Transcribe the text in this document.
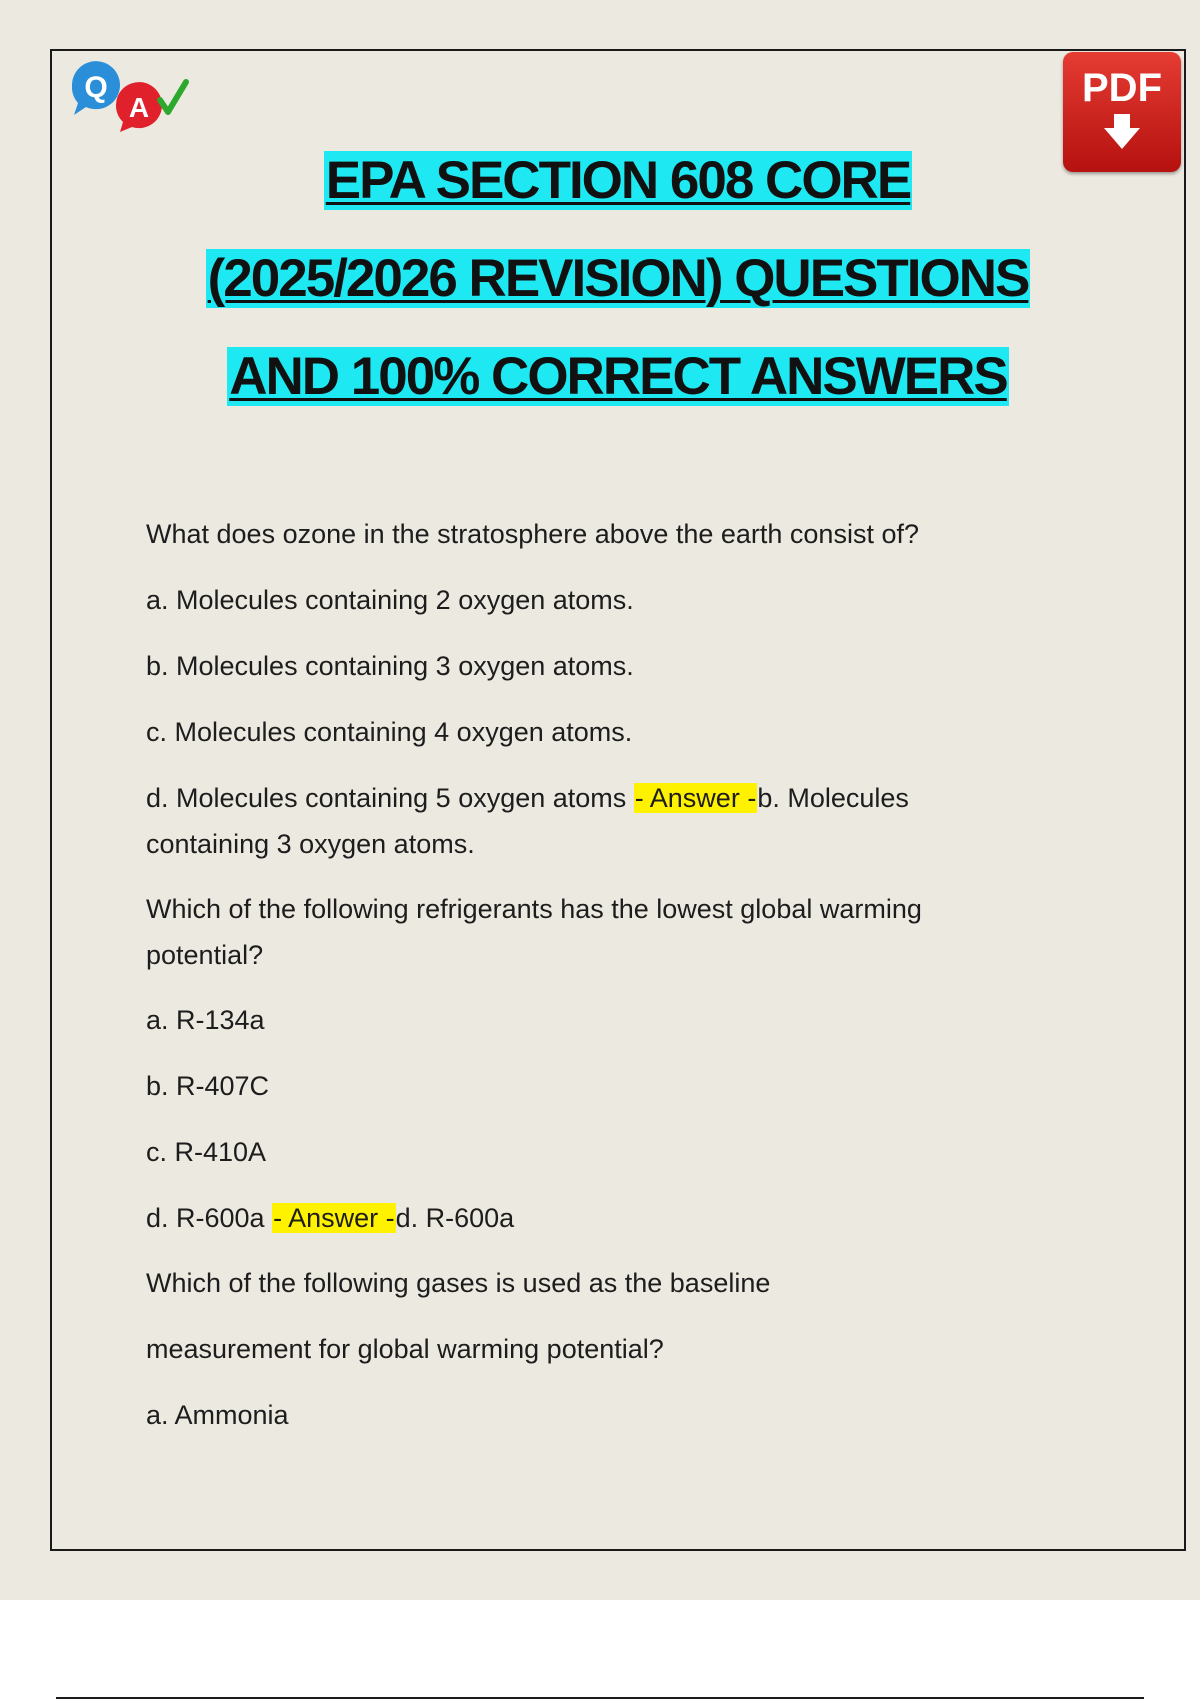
Q
A	PDF
EPA SECTION 608 CORE
(2025/2026 REVISION) QUESTIONS
AND 100% CORRECT ANSWERS
What does ozone in the stratosphere above the earth consist of?
a. Molecules containing 2 oxygen atoms.
b. Molecules containing 3 oxygen atoms.
c. Molecules containing 4 oxygen atoms.
d. Molecules containing 5 oxygen atoms - Answer -b. Molecules
containing 3 oxygen atoms.
Which of the following refrigerants has the lowest global warming
potential?
a. R-134a
b. R-407C
c. R-410A
d. R-600a - Answer -d. R-600a
Which of the following gases is used as the baseline
measurement for global warming potential?
a. Ammonia
